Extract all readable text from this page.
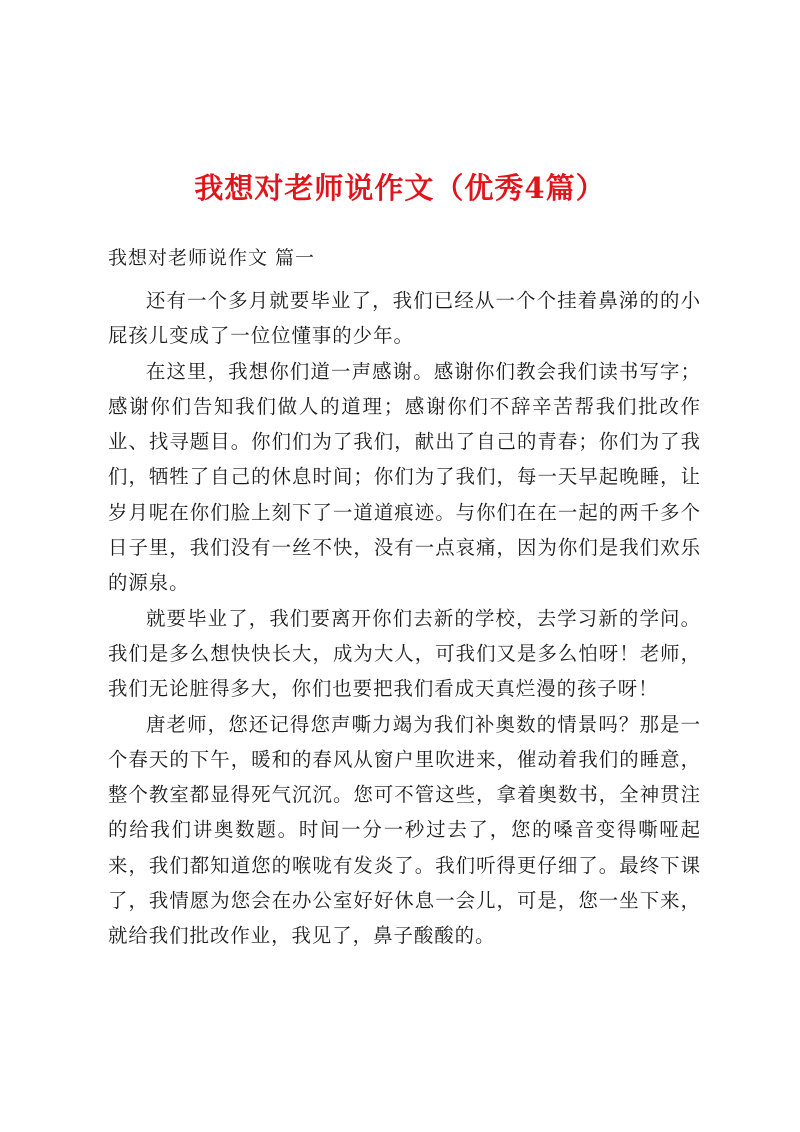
我想对老师说作文（优秀4篇）
我想对老师说作文 篇一

还有一个多月就要毕业了，我们已经从一个个挂着鼻涕的的小屁孩儿变成了一位位懂事的少年。

在这里，我想你们道一声感谢。感谢你们教会我们读书写字；感谢你们告知我们做人的道理；感谢你们不辞辛苦帮我们批改作业、找寻题目。你们们为了我们，献出了自己的青春；你们为了我们，牺牲了自己的休息时间；你们为了我们，每一天早起晚睡，让岁月呢在你们脸上刻下了一道道痕迹。与你们在在一起的两千多个日子里，我们没有一丝不快，没有一点哀痛，因为你们是我们欢乐的源泉。

就要毕业了，我们要离开你们去新的学校，去学习新的学问。我们是多么想快快长大，成为大人，可我们又是多么怕呀！老师，我们无论脏得多大，你们也要把我们看成天真烂漫的孩子呀！

唐老师，您还记得您声嘶力竭为我们补奥数的情景吗？那是一个春天的下午，暖和的春风从窗户里吹进来，催动着我们的睡意，整个教室都显得死气沉沉。您可不管这些，拿着奥数书，全神贯注的给我们讲奥数题。时间一分一秒过去了，您的嗓音变得嘶哑起来，我们都知道您的喉咙有发炎了。我们听得更仔细了。最终下课了，我情愿为您会在办公室好好休息一会儿，可是，您一坐下来，就给我们批改作业，我见了，鼻子酸酸的。
